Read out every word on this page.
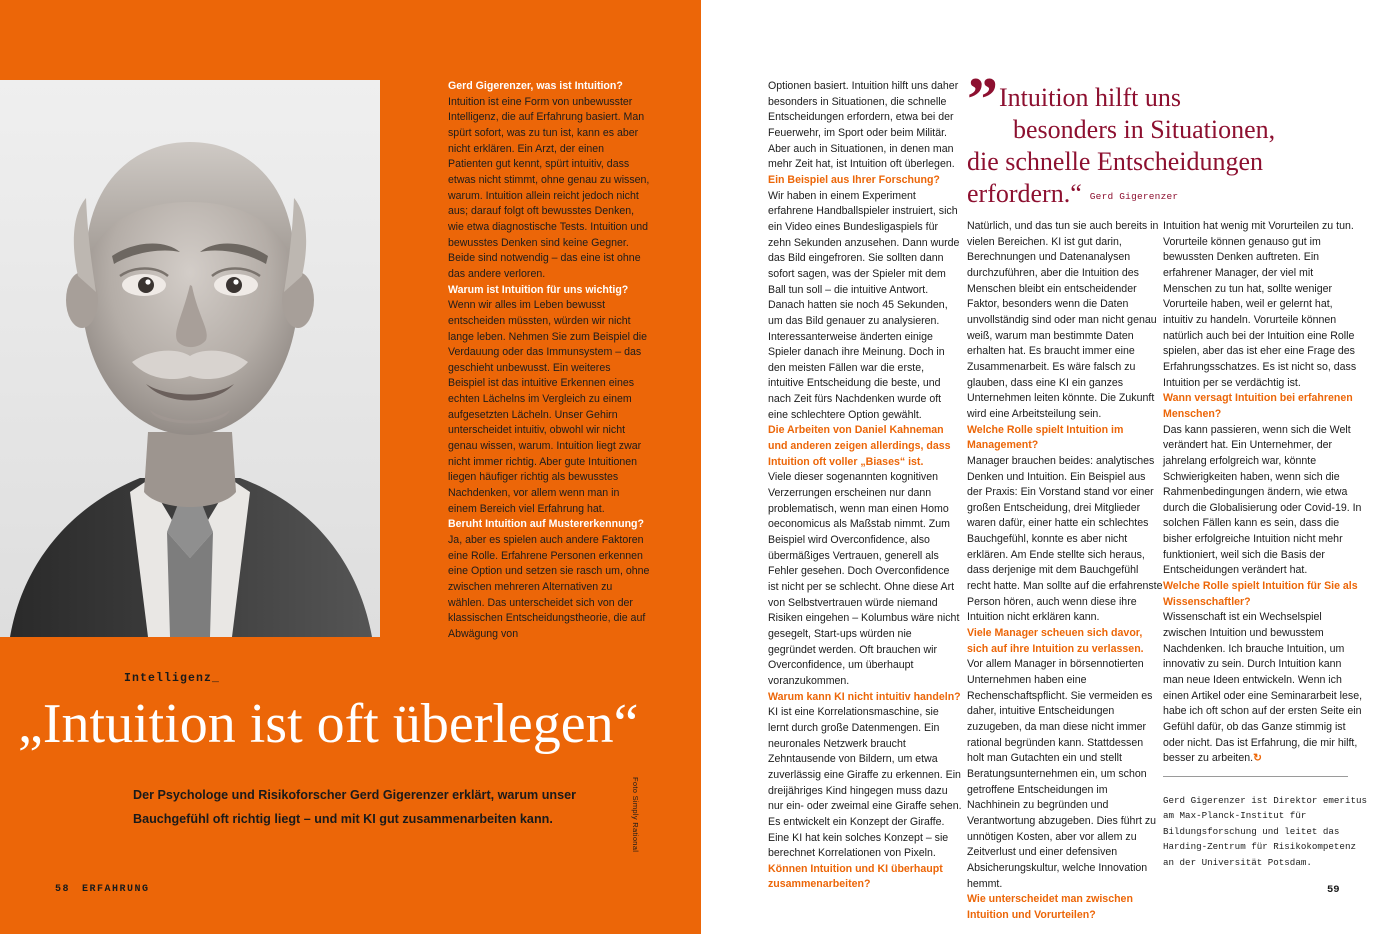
Intelligenz_
„Intuition ist oft überlegen“
Der Psychologe und Risikoforscher Gerd Gigerenzer erklärt, warum unser Bauchgefühl oft richtig liegt – und mit KI gut zusammenarbeiten kann.	Foto Simply Rational
58 ERFAHRUNG
Gerd Gigerenzer, was ist Intuition?
Intuition ist eine Form von unbewusster Intelligenz, die auf Erfahrung basiert. Man spürt sofort, was zu tun ist, kann es aber nicht erklären. Ein Arzt, der einen Patienten gut kennt, spürt intuitiv, dass etwas nicht stimmt, ohne genau zu wissen, warum. Intuition allein reicht jedoch nicht aus; darauf folgt oft bewusstes Denken, wie etwa diagnostische Tests. Intuition und bewusstes Denken sind keine Gegner. Beide sind notwendig – das eine ist ohne das andere verloren.
Warum ist Intuition für uns wichtig?
Wenn wir alles im Leben bewusst entscheiden müssten, würden wir nicht lange leben. Nehmen Sie zum Beispiel die Verdauung oder das Immunsystem – das geschieht unbewusst. Ein weiteres Beispiel ist das intuitive Erkennen eines echten Lächelns im Vergleich zu einem aufgesetzten Lächeln. Unser Gehirn unterscheidet intuitiv, obwohl wir nicht genau wissen, warum. Intuition liegt zwar nicht immer richtig. Aber gute Intuitionen liegen häufiger richtig als bewusstes Nachdenken, vor allem wenn man in einem Bereich viel Erfahrung hat.
Beruht Intuition auf Mustererkennung?
Ja, aber es spielen auch andere Faktoren eine Rolle. Erfahrene Personen erkennen eine Option und setzen sie rasch um, ohne zwischen mehreren Alternativen zu wählen. Das unterscheidet sich von der klassischen Entscheidungstheorie, die auf Abwägung von
” Intuition hilft uns
besonders in Situationen,
die schnelle Entscheidungen
erfordern.“ Gerd Gigerenzer
Optionen basiert. Intuition hilft uns daher besonders in Situationen, die schnelle Entscheidungen erfordern, etwa bei der Feuerwehr, im Sport oder beim Militär. Aber auch in Situationen, in denen man mehr Zeit hat, ist Intuition oft überlegen.
Ein Beispiel aus Ihrer Forschung?
Wir haben in einem Experiment erfahrene Handballspieler instruiert, sich ein Video eines Bundesligaspiels für zehn Sekunden anzusehen. Dann wurde das Bild eingefroren. Sie sollten dann sofort sagen, was der Spieler mit dem Ball tun soll – die intuitive Antwort. Danach hatten sie noch 45 Sekunden, um das Bild genauer zu analysieren. Interessanterweise änderten einige Spieler danach ihre Meinung. Doch in den meisten Fällen war die erste, intuitive Entscheidung die beste, und nach Zeit fürs Nachdenken wurde oft eine schlechtere Option gewählt.
Die Arbeiten von Daniel Kahneman und anderen zeigen allerdings, dass Intuition oft voller „Biases“ ist.
Viele dieser sogenannten kognitiven Verzerrungen erscheinen nur dann problematisch, wenn man einen Homo oeconomicus als Maßstab nimmt. Zum Beispiel wird Overconfidence, also übermäßiges Vertrauen, generell als Fehler gesehen. Doch Overconfidence ist nicht per se schlecht. Ohne diese Art von Selbstvertrauen würde niemand Risiken eingehen – Kolumbus wäre nicht gesegelt, Start-ups würden nie gegründet werden. Oft brauchen wir Overconfidence, um überhaupt voranzukommen.
Warum kann KI nicht intuitiv handeln?
KI ist eine Korrelationsmaschine, sie lernt durch große Datenmengen. Ein neuronales Netzwerk braucht Zehntausende von Bildern, um etwa zuverlässig eine Giraffe zu erkennen. Ein dreijähriges Kind hingegen muss dazu nur ein- oder zweimal eine Giraffe sehen. Es entwickelt ein Konzept der Giraffe. Eine KI hat kein solches Konzept – sie berechnet Korrelationen von Pixeln.
Können Intuition und KI überhaupt zusammenarbeiten?
Natürlich, und das tun sie auch bereits in vielen Bereichen. KI ist gut darin, Berechnungen und Datenanalysen durchzuführen, aber die Intuition des Menschen bleibt ein entscheidender Faktor, besonders wenn die Daten unvollständig sind oder man nicht genau weiß, warum man bestimmte Daten erhalten hat. Es braucht immer eine Zusammenarbeit. Es wäre falsch zu glauben, dass eine KI ein ganzes Unternehmen leiten könnte. Die Zukunft wird eine Arbeitsteilung sein.
Welche Rolle spielt Intuition im Management?
Manager brauchen beides: analytisches Denken und Intuition. Ein Beispiel aus der Praxis: Ein Vorstand stand vor einer großen Entscheidung, drei Mitglieder waren dafür, einer hatte ein schlechtes Bauchgefühl, konnte es aber nicht erklären. Am Ende stellte sich heraus, dass derjenige mit dem Bauchgefühl recht hatte. Man sollte auf die erfahrenste Person hören, auch wenn diese ihre Intuition nicht erklären kann.
Viele Manager scheuen sich davor, sich auf ihre Intuition zu verlassen.
Vor allem Manager in börsennotierten Unternehmen haben eine Rechenschaftspflicht. Sie vermeiden es daher, intuitive Entscheidungen zuzugeben, da man diese nicht immer rational begründen kann. Stattdessen holt man Gutachten ein und stellt Beratungsunternehmen ein, um schon getroffene Entscheidungen im Nachhinein zu begründen und Verantwortung abzugeben. Dies führt zu unnötigen Kosten, aber vor allem zu Zeitverlust und einer defensiven Absicherungskultur, welche Innovation hemmt.
Wie unterscheidet man zwischen Intuition und Vorurteilen?
Intuition hat wenig mit Vorurteilen zu tun. Vorurteile können genauso gut im bewussten Denken auftreten. Ein erfahrener Manager, der viel mit Menschen zu tun hat, sollte weniger Vorurteile haben, weil er gelernt hat, intuitiv zu handeln. Vorurteile können natürlich auch bei der Intuition eine Rolle spielen, aber das ist eher eine Frage des Erfahrungsschatzes. Es ist nicht so, dass Intuition per se verdächtig ist.
Wann versagt Intuition bei erfahrenen Menschen?
Das kann passieren, wenn sich die Welt verändert hat. Ein Unternehmer, der jahrelang erfolgreich war, könnte Schwierigkeiten haben, wenn sich die Rahmenbedingungen ändern, wie etwa durch die Globalisierung oder Covid-19. In solchen Fällen kann es sein, dass die bisher erfolgreiche Intuition nicht mehr funktioniert, weil sich die Basis der Entscheidungen verändert hat.
Welche Rolle spielt Intuition für Sie als Wissenschaftler?
Wissenschaft ist ein Wechselspiel zwischen Intuition und bewusstem Nachdenken. Ich brauche Intuition, um innovativ zu sein. Durch Intuition kann man neue Ideen entwickeln. Wenn ich einen Artikel oder eine Seminararbeit lese, habe ich oft schon auf der ersten Seite ein Gefühl dafür, ob das Ganze stimmig ist oder nicht. Das ist Erfahrung, die mir hilft, besser zu arbeiten.↻
Gerd Gigerenzer ist Direktor emeritus am Max-Planck-Institut für Bildungsforschung und leitet das Harding-Zentrum für Risikokompetenz an der Universität Potsdam.
59
